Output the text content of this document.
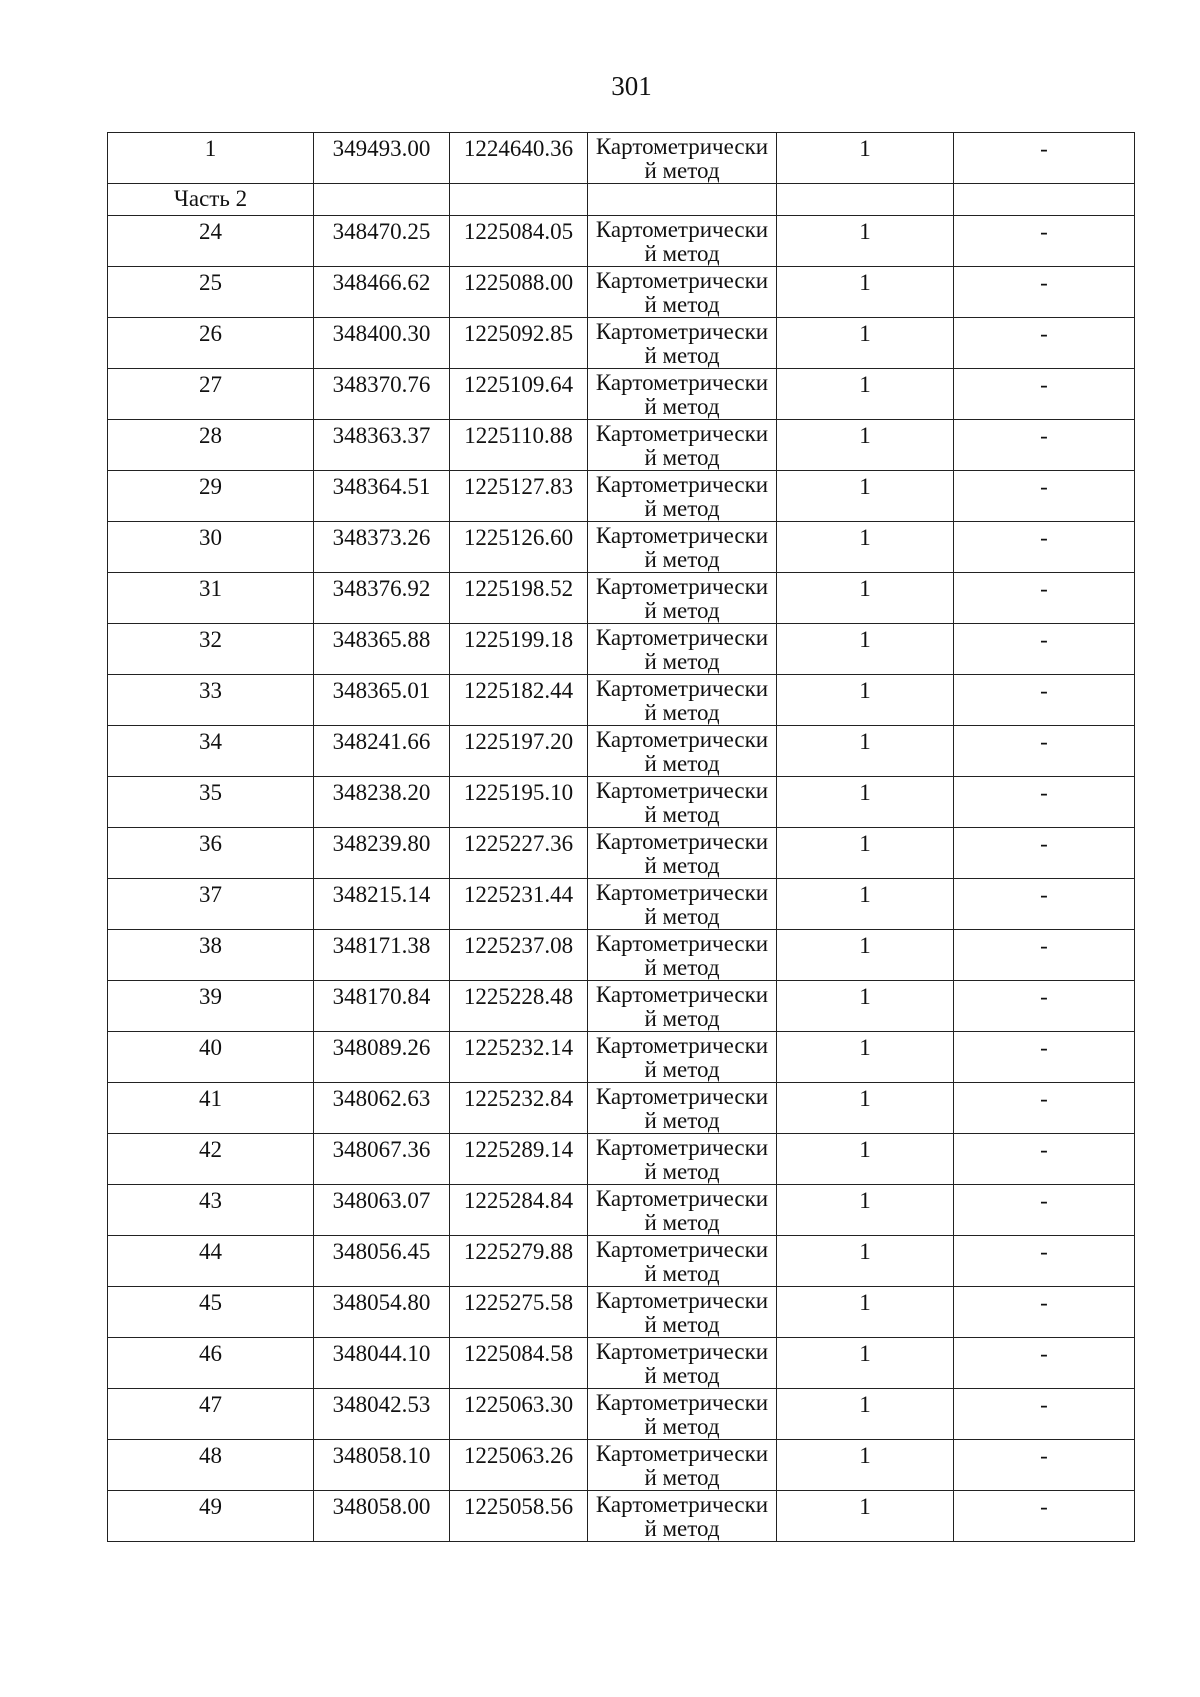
301
1	349493.00	1224640.36	Картометрический метод	1	-

Часть 2					

24	348470.25	1225084.05	Картометрический метод	1	-

25	348466.62	1225088.00	Картометрический метод	1	-

26	348400.30	1225092.85	Картометрический метод	1	-

27	348370.76	1225109.64	Картометрический метод	1	-

28	348363.37	1225110.88	Картометрический метод	1	-

29	348364.51	1225127.83	Картометрический метод	1	-

30	348373.26	1225126.60	Картометрический метод	1	-

31	348376.92	1225198.52	Картометрический метод	1	-

32	348365.88	1225199.18	Картометрический метод	1	-

33	348365.01	1225182.44	Картометрический метод	1	-

34	348241.66	1225197.20	Картометрический метод	1	-

35	348238.20	1225195.10	Картометрический метод	1	-

36	348239.80	1225227.36	Картометрический метод	1	-

37	348215.14	1225231.44	Картометрический метод	1	-

38	348171.38	1225237.08	Картометрический метод	1	-

39	348170.84	1225228.48	Картометрический метод	1	-

40	348089.26	1225232.14	Картометрический метод	1	-

41	348062.63	1225232.84	Картометрический метод	1	-

42	348067.36	1225289.14	Картометрический метод	1	-

43	348063.07	1225284.84	Картометрический метод	1	-

44	348056.45	1225279.88	Картометрический метод	1	-

45	348054.80	1225275.58	Картометрический метод	1	-

46	348044.10	1225084.58	Картометрический метод	1	-

47	348042.53	1225063.30	Картометрический метод	1	-

48	348058.10	1225063.26	Картометрический метод	1	-

49	348058.00	1225058.56	Картометрический метод	1	-
